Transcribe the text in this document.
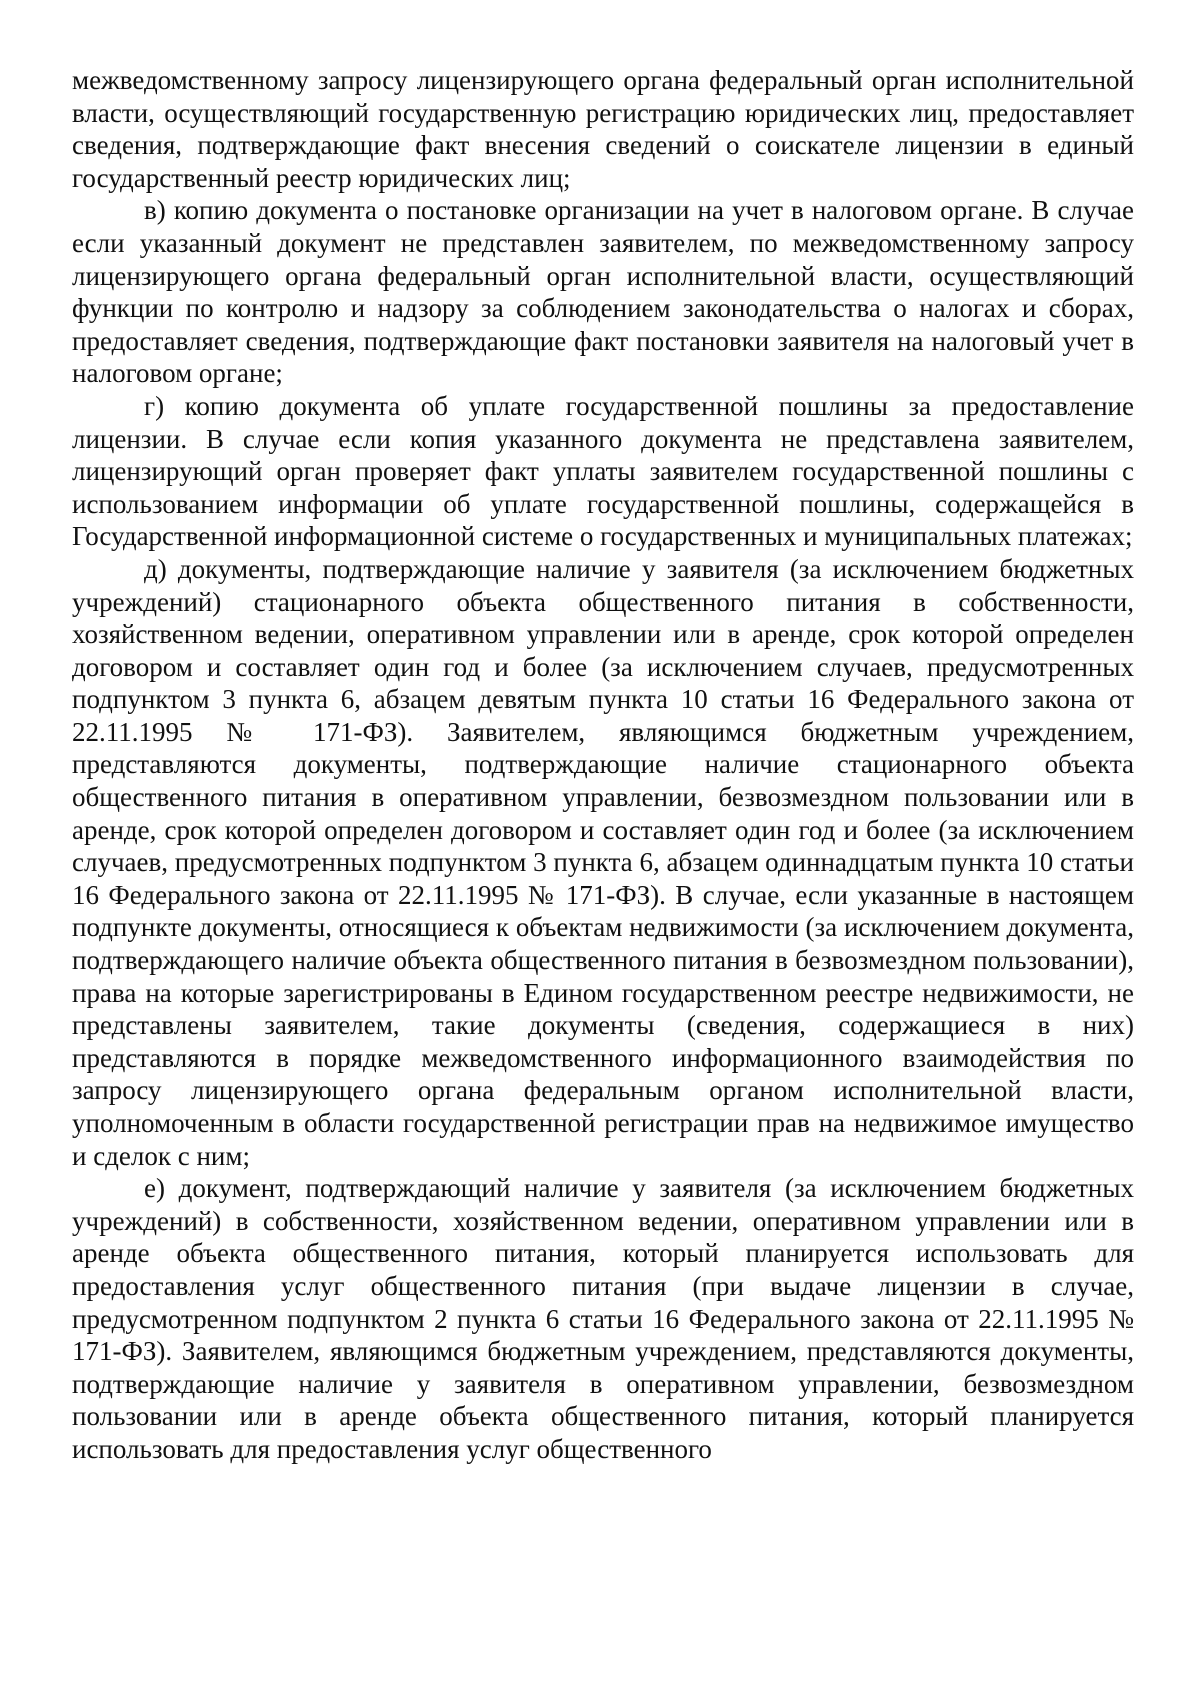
межведомственному запросу лицензирующего органа федеральный орган исполнительной власти, осуществляющий государственную регистрацию юридических лиц, предоставляет сведения, подтверждающие факт внесения сведений о соискателе лицензии в единый государственный реестр юридических лиц;

в) копию документа о постановке организации на учет в налоговом органе. В случае если указанный документ не представлен заявителем, по межведомственному запросу лицензирующего органа федеральный орган исполнительной власти, осуществляющий функции по контролю и надзору за соблюдением законодательства о налогах и сборах, предоставляет сведения, подтверждающие факт постановки заявителя на налоговый учет в налоговом органе;

г) копию документа об уплате государственной пошлины за предоставление лицензии. В случае если копия указанного документа не представлена заявителем, лицензирующий орган проверяет факт уплаты заявителем государственной пошлины с использованием информации об уплате государственной пошлины, содержащейся в Государственной информационной системе о государственных и муниципальных платежах;

д) документы, подтверждающие наличие у заявителя (за исключением бюджетных учреждений) стационарного объекта общественного питания в собственности, хозяйственном ведении, оперативном управлении или в аренде, срок которой определен договором и составляет один год и более (за исключением случаев, предусмотренных подпунктом 3 пункта 6, абзацем девятым пункта 10 статьи 16 Федерального закона от 22.11.1995 № 171-ФЗ). Заявителем, являющимся бюджетным учреждением, представляются документы, подтверждающие наличие стационарного объекта общественного питания в оперативном управлении, безвозмездном пользовании или в аренде, срок которой определен договором и составляет один год и более (за исключением случаев, предусмотренных подпунктом 3 пункта 6, абзацем одиннадцатым пункта 10 статьи 16 Федерального закона от 22.11.1995 № 171-ФЗ). В случае, если указанные в настоящем подпункте документы, относящиеся к объектам недвижимости (за исключением документа, подтверждающего наличие объекта общественного питания в безвозмездном пользовании), права на которые зарегистрированы в Едином государственном реестре недвижимости, не представлены заявителем, такие документы (сведения, содержащиеся в них) представляются в порядке межведомственного информационного взаимодействия по запросу лицензирующего органа федеральным органом исполнительной власти, уполномоченным в области государственной регистрации прав на недвижимое имущество и сделок с ним;

е) документ, подтверждающий наличие у заявителя (за исключением бюджетных учреждений) в собственности, хозяйственном ведении, оперативном управлении или в аренде объекта общественного питания, который планируется использовать для предоставления услуг общественного питания (при выдаче лицензии в случае, предусмотренном подпунктом 2 пункта 6 статьи 16 Федерального закона от 22.11.1995 № 171-ФЗ). Заявителем, являющимся бюджетным учреждением, представляются документы, подтверждающие наличие у заявителя в оперативном управлении, безвозмездном пользовании или в аренде объекта общественного питания, который планируется использовать для предоставления услуг общественного
